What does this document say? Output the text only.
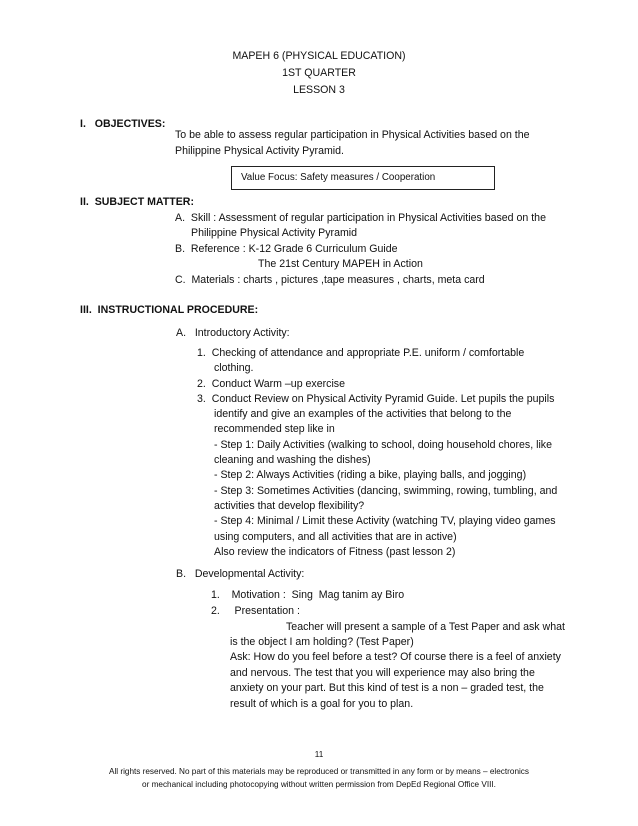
MAPEH 6 (PHYSICAL EDUCATION)

1ST QUARTER

LESSON 3

I.   OBJECTIVES:

To be able to assess regular participation in Physical Activities based on the

Philippine Physical Activity Pyramid.

Value Focus: Safety measures / Cooperation

II.  SUBJECT MATTER:

A.  Skill : Assessment of regular participation in Physical Activities based on the

Philippine Physical Activity Pyramid

B.  Reference : K-12 Grade 6 Curriculum Guide

The 21st Century MAPEH in Action

C.  Materials : charts , pictures ,tape measures , charts, meta card

III.  INSTRUCTIONAL PROCEDURE:

A.   Introductory Activity:

1.  Checking of attendance and appropriate P.E. uniform / comfortable

clothing.

2.  Conduct Warm –up exercise

3.  Conduct Review on Physical Activity Pyramid Guide. Let pupils the pupils

identify and give an examples of the activities that belong to the

recommended step like in

- Step 1: Daily Activities (walking to school, doing household chores, like

cleaning and washing the dishes)

- Step 2: Always Activities (riding a bike, playing balls, and jogging)

- Step 3: Sometimes Activities (dancing, swimming, rowing, tumbling, and

activities that develop flexibility?

- Step 4: Minimal / Limit these Activity (watching TV, playing video games

using computers, and all activities that are in active)

Also review the indicators of Fitness (past lesson 2)

B.   Developmental Activity:

1.    Motivation :  Sing  Mag tanim ay Biro

2.     Presentation :

Teacher will present a sample of a Test Paper and ask what

is the object I am holding? (Test Paper)

Ask: How do you feel before a test? Of course there is a feel of anxiety

and nervous. The test that you will experience may also bring the

anxiety on your part. But this kind of test is a non – graded test, the

result of which is a goal for you to plan.

11

All rights reserved. No part of this materials may be reproduced or transmitted in any form or by means – electronics

or mechanical including photocopying without written permission from DepEd Regional Office VIII.
